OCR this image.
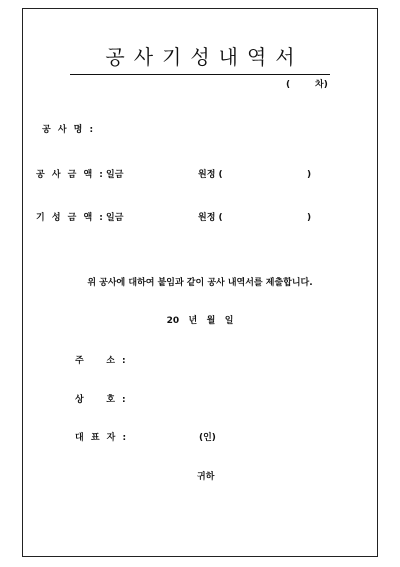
공사기성내역서
(	차)
공 사 명 :
공 사 금 액 : 일금	원정 (	)
기 성 금 액 : 일금	원정 (	)
위 공사에 대하여 붙임과 같이 공사 내역서를 제출합니다.
20   년   월   일
주    소 :
상    호 :
대 표 자 :	(인)
귀하
